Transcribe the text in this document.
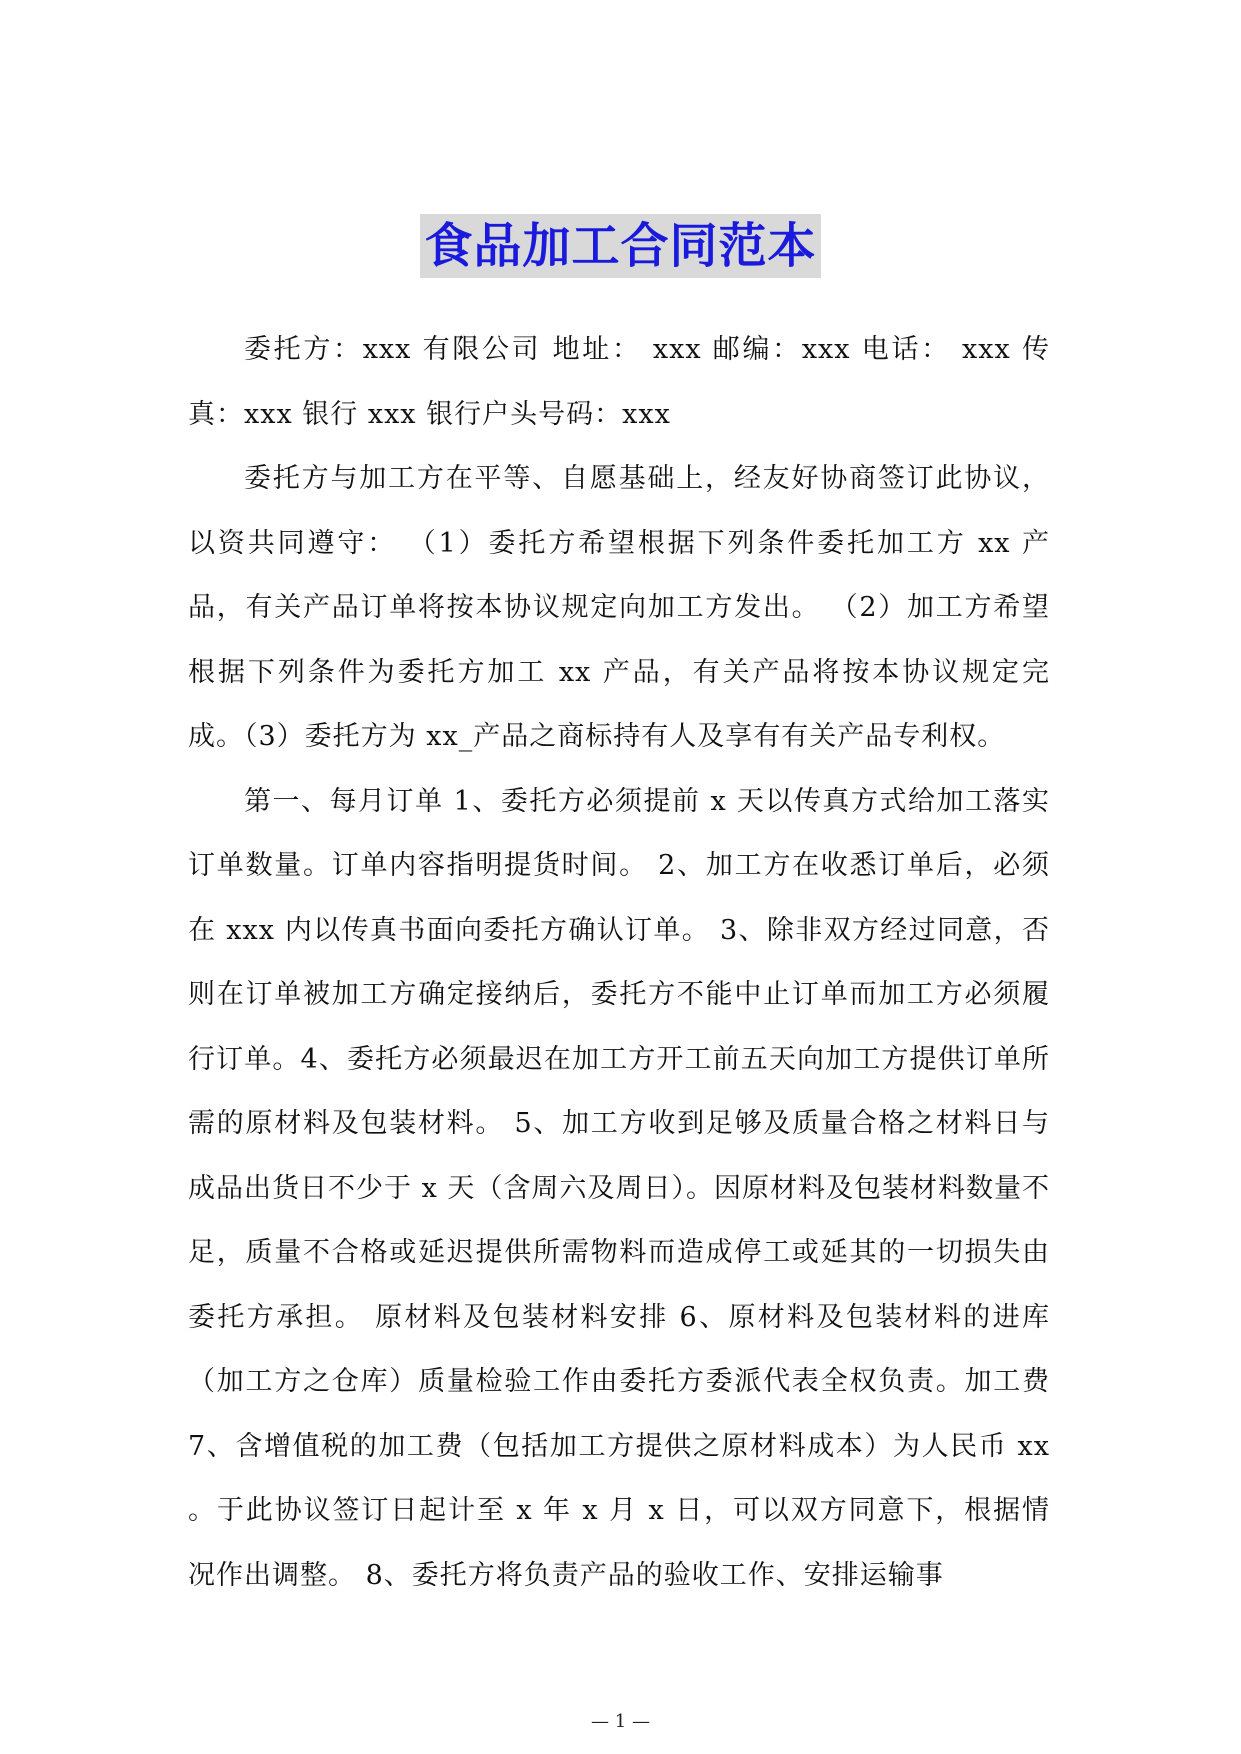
食品加工合同范本

委托方：xxx 有限公司 地址： xxx 邮编：xxx 电话： xxx 传真：xxx 银行 xxx 银行户头号码：xxx

委托方与加工方在平等、自愿基础上，经友好协商签订此协议，以资共同遵守： （1）委托方希望根据下列条件委托加工方 xx 产品，有关产品订单将按本协议规定向加工方发出。 （2）加工方希望根据下列条件为委托方加工 xx 产品，有关产品将按本协议规定完成。（3）委托方为 xx_产品之商标持有人及享有有关产品专利权。

第一、每月订单 1、委托方必须提前 x 天以传真方式给加工落实订单数量。订单内容指明提货时间。 2、加工方在收悉订单后，必须在 xxx 内以传真书面向委托方确认订单。 3、除非双方经过同意，否则在订单被加工方确定接纳后，委托方不能中止订单而加工方必须履行订单。4、委托方必须最迟在加工方开工前五天向加工方提供订单所需的原材料及包装材料。 5、加工方收到足够及质量合格之材料日与成品出货日不少于 x 天（含周六及周日）。因原材料及包装材料数量不足，质量不合格或延迟提供所需物料而造成停工或延其的一切损失由委托方承担。 原材料及包装材料安排 6、原材料及包装材料的进库（加工方之仓库）质量检验工作由委托方委派代表全权负责。加工费 7、含增值税的加工费（包括加工方提供之原材料成本）为人民币 xx 。于此协议签订日起计至 x 年 x 月 x 日，可以双方同意下，根据情况作出调整。 8、委托方将负责产品的验收工作、安排运输事

— 1 —
